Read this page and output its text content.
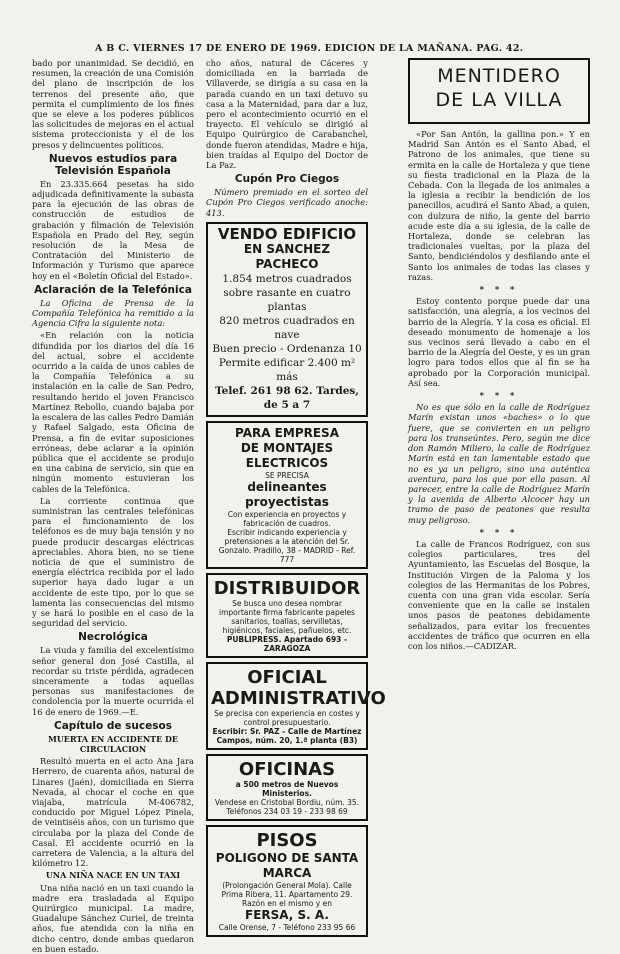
A B C. VIERNES 17 DE ENERO DE 1969. EDICION DE LA MAÑANA. PAG. 42.

bado por unanimidad. Se decidió, en resumen, la creación de una Comisión del plano de inscripción de los terrenos del presente año, que permita el cumplimiento de los fines que se eleve a los poderes públicos las solicitudes de mejoras en el actual sistema proteccionista y el de los presos y delincuentes políticos.

Nuevos estudios para Televisión Española

En 23.335.664 pesetas ha sido adjudicada definitivamente la subasta para la ejecución de las obras de construcción de estudios de grabación y filmación de Televisión Española en Prado del Rey, según resolución de la Mesa de Contratación del Ministerio de Información y Turismo que aparece hoy en el «Boletín Oficial del Estado».

Aclaración de la Telefónica

La Oficina de Prensa de la Compañía Telefónica ha remitido a la Agencia Cifra la siguiente nota:

«En relación con la noticia difundida por los diarios del día 16 del actual, sobre el accidente ocurrido a la caída de unos cables de la Compañía Telefónica a su instalación en la calle de San Pedro, resultando herido el joven Francisco Martínez Rebollo, cuando bajaba por la escalera de las calles Pedro Damián y Rafael Salgado, esta Oficina de Prensa, a fin de evitar suposiciones erróneas, debe aclarar a la opinión pública que el accidente se produjo en una cabina de servicio, sin que en ningún momento estuvieran los cables de la Telefónica.

La corriente continua que suministran las centrales telefónicas para el funcionamiento de los teléfonos es de muy baja tensión y no puede producir descargas eléctricas apreciables. Ahora bien, no se tiene noticia de que el suministro de energía eléctrica recibida por el lado superior haya dado lugar a un accidente de este tipo, por lo que se lamenta las consecuencias del mismo y se hará lo posible en el caso de la seguridad del servicio.

Necrológica

La viuda y familia del excelentísimo señor general don José Castilla, al recordar su triste pérdida, agradecen sinceramente a todas aquellas personas sus manifestaciones de condolencia por la muerte ocurrida el 16 de enero de 1969.—E.

Capítulo de sucesos
MUERTA EN ACCIDENTE DE CIRCULACION

Resultó muerta en el acto Ana Jara Herrero, de cuarenta años, natural de Linares (Jaén), domiciliada en Sierra Nevada, al chocar el coche en que viajaba, matrícula M-406782, conducido por Miguel López Pinela, de veintiséis años, con un turismo que circulaba por la plaza del Conde de Casal. El accidente ocurrió en la carretera de Valencia, a la altura del kilómetro 12.

UNA NIÑA NACE EN UN TAXI

Una niña nació en un taxi cuando la madre era trasladada al Equipo Quirúrgico municipal. La madre, Guadalupe Sánchez Curiel, de treinta años, fue atendida con la niña en dicho centro, donde ambas quedaron en buen estado.

cho años, natural de Cáceres y domiciliada en la barriada de Villaverde, se dirigía a su casa en la parada cuando en un taxi detuvo su casa a la Maternidad, para dar a luz, pero el acontecimiento ocurrió en el trayecto. El vehículo se dirigió al Equipo Quirúrgico de Carabanchel, donde fueron atendidas, Madre e hija, bien traídas al Equipo del Doctor de La Paz.

Cupón Pro Ciegos

Número premiado en el sorteo del Cupón Pro Ciegos verificado anoche: 413.

VENDO EDIFICIO
EN SANCHEZ PACHECO
1.854 metros cuadrados sobre rasante en cuatro plantas
820 metros cuadrados en nave
Buen precio - Ordenanza 10
Permite edificar 2.400 m² más
Telef. 261 98 62. Tardes, de 5 a 7
PARA EMPRESA
DE MONTAJES ELECTRICOS
SE PRECISA
delineantes proyectistas
Con experiencia en proyectos y fabricación de cuadros.
Escribir indicando experiencia y pretensiones a la atención del Sr. Gonzalo. Pradillo, 38 - MADRID - Ref. 777
DISTRIBUIDOR
Se busca uno desea nombrar importante firma fabricante papeles sanitarios, toallas, servilletas, higiénicos, faciales, pañuelos, etc.
PUBLIPRESS. Apartado 693 - ZARAGOZA
OFICIAL
ADMINISTRATIVO
Se precisa con experiencia en costes y control presupuestario.
Escribir: Sr. PAZ - Calle de Martínez Campos, núm. 20, 1.ª planta (B3)
OFICINAS
a 500 metros de Nuevos Ministerios.
Vendese en Cristobal Bordiu, núm. 35. Teléfonos 234 03 19 - 233 98 69
PISOS
POLIGONO DE SANTA MARCA
(Prolongación General Mola). Calle Prima Ribera, 11. Apartamento 29. Razón en el mismo y en
FERSA, S. A.
Calle Orense, 7 - Teléfono 233 95 66
MENTIDERO
DE LA VILLA

«Por San Antón, la gallina pon.» Y en Madrid San Antón es el Santo Abad, el Patrono de los animales, que tiene su ermita en la calle de Hortaleza y que tiene su fiesta tradicional en la Plaza de la Cebada. Con la llegada de los animales a la iglesia a recibir la bendición de los panecillos, acudirá el Santo Abad, a quien, con dulzura de niño, la gente del barrio acude este día a su iglesia, de la calle de Hortaleza, donde se celebran las tradicionales vueltas, por la plaza del Santo, bendiciéndolos y desfilando ante el Santo los animales de todas las clases y razas.

* * *

Estoy contento porque puede dar una satisfacción, una alegría, a los vecinos del barrio de la Alegría. Y la cosa es oficial. El deseado monumento de homenaje a los sus vecinos será llevado a cabo en el barrio de la Alegría del Oeste, y es un gran logro para todos ellos que al fin se ha aprobado por la Corporación municipal. Así sea.

* * *

No es que sólo en la calle de Rodríguez Marín existan unos «baches» o lo que fuere, que se convierten en un peligro para los transeúntes. Pero, según me dice don Ramón Miliero, la calle de Rodríguez Marín está en tan lamentable estado que no es ya un peligro, sino una auténtica aventura, para los que por ella pasan. Al parecer, entre la calle de Rodríguez Marín y la avenida de Alberto Alcocer hay un tramo de paso de peatones que resulta muy peligroso.

* * *

La calle de Francos Rodríguez, con sus colegios particulares, tres del Ayuntamiento, las Escuelas del Bosque, la Institución Virgen de la Paloma y los colegios de las Hermanitas de los Pobres, cuenta con una gran vida escolar. Sería conveniente que en la calle se instalen unos pasos de peatones debidamente señalizados, para evitar los frecuentes accidentes de tráfico que ocurren en ella con los niños.—CADIZAR.
